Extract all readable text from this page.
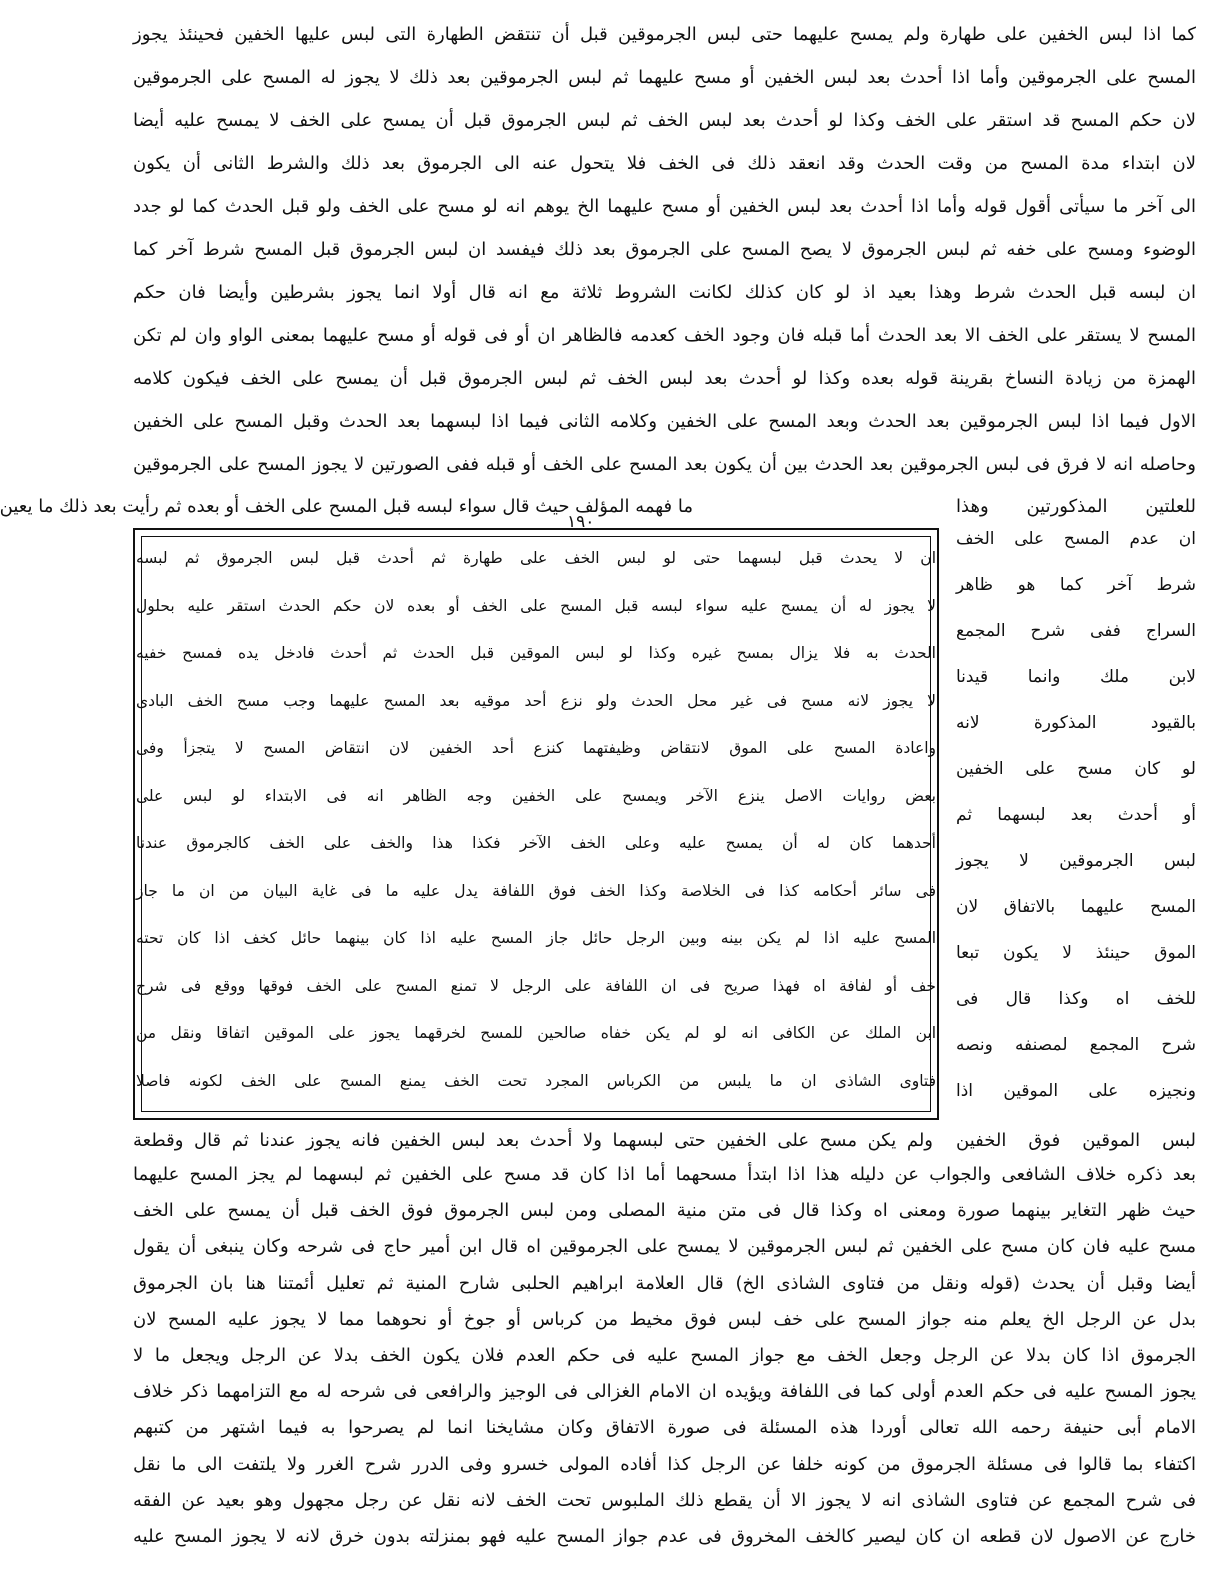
كما اذا لبس الخفين على طهارة ولم يمسح عليهما حتى لبس الجرموقين قبل أن تنتقض الطهارة التى لبس عليها الخفين فحينئذ يجوز
المسح على الجرموقين وأما اذا أحدث بعد لبس الخفين أو مسح عليهما ثم لبس الجرموقين بعد ذلك لا يجوز له المسح على الجرموقين
لان حكم المسح قد استقر على الخف وكذا لو أحدث بعد لبس الخف ثم لبس الجرموق قبل أن يمسح على الخف لا يمسح عليه أيضا
لان ابتداء مدة المسح من وقت الحدث وقد انعقد ذلك فى الخف فلا يتحول عنه الى الجرموق بعد ذلك والشرط الثانى أن يكون
الى آخر ما سيأتى أقول قوله وأما اذا أحدث بعد لبس الخفين أو مسح عليهما الخ يوهم انه لو مسح على الخف ولو قبل الحدث كما لو جدد
الوضوء ومسح على خفه ثم لبس الجرموق لا يصح المسح على الجرموق بعد ذلك فيفسد ان لبس الجرموق قبل المسح شرط آخر كما
ان لبسه قبل الحدث شرط وهذا بعيد اذ لو كان كذلك لكانت الشروط ثلاثة مع انه قال أولا انما يجوز بشرطين وأيضا فان حكم
المسح لا يستقر على الخف الا بعد الحدث أما قبله فان وجود الخف كعدمه فالظاهر ان أو فى قوله أو مسح عليهما بمعنى الواو وان لم تكن
الهمزة من زيادة النساخ بقرينة قوله بعده وكذا لو أحدث بعد لبس الخف ثم لبس الجرموق قبل أن يمسح على الخف فيكون كلامه
الاول فيما اذا لبس الجرموقين بعد الحدث وبعد المسح على الخفين وكلامه الثانى فيما اذا لبسهما بعد الحدث وقبل المسح على الخفين
وحاصله انه لا فرق فى لبس الجرموقين بعد الحدث بين أن يكون بعد المسح على الخف أو قبله ففى الصورتين لا يجوز المسح على الجرموقين
للعلتين المذكورتين وهذا
ما فهمه المؤلف حيث قال سواء لبسه قبل المسح على الخف أو بعده ثم رأيت بعد ذلك ما يعين
١٩٠
ان عدم المسح على الخف
شرط آخر كما هو ظاهر
السراج ففى شرح المجمع
لابن ملك وانما قيدنا
بالقيود المذكورة لانه
لو كان مسح على الخفين
أو أحدث بعد لبسهما ثم
لبس الجرموقين لا يجوز
المسح عليهما بالاتفاق لان
الموق حينئذ لا يكون تبعا
للخف اه وكذا قال فى
شرح المجمع لمصنفه ونصه
ونجيزه على الموقين اذا
ان لا يحدث قبل لبسهما حتى لو لبس الخف على طهارة ثم أحدث قبل لبس الجرموق ثم لبسه
لا يجوز له أن يمسح عليه سواء لبسه قبل المسح على الخف أو بعده لان حكم الحدث استقر عليه بحلول
الحدث به فلا يزال بمسح غيره وكذا لو لبس الموقين قبل الحدث ثم أحدث فادخل يده فمسح خفيه
لا يجوز لانه مسح فى غير محل الحدث ولو نزع أحد موقيه بعد المسح عليهما وجب مسح الخف البادى
واعادة المسح على الموق لانتقاض وظيفتهما كنزع أحد الخفين لان انتقاض المسح لا يتجزأ وفى
بعض روايات الاصل ينزع الآخر ويمسح على الخفين وجه الظاهر انه فى الابتداء لو لبس على
أحدهما كان له أن يمسح عليه وعلى الخف الآخر فكذا هذا والخف على الخف كالجرموق عندنا
فى سائر أحكامه كذا فى الخلاصة وكذا الخف فوق اللفافة يدل عليه ما فى غاية البيان من ان ما جاز
المسح عليه اذا لم يكن بينه وبين الرجل حائل جاز المسح عليه اذا كان بينهما حائل كخف اذا كان تحته
خف أو لفافة اه فهذا صريح فى ان اللفافة على الرجل لا تمنع المسح على الخف فوقها ووقع فى شرح
ابن الملك عن الكافى انه لو لم يكن خفاه صالحين للمسح لخرقهما يجوز على الموقين اتفاقا ونقل من
فتاوى الشاذى ان ما يلبس من الكرباس المجرد تحت الخف يمنع المسح على الخف لكونه فاصلا
لبس الموقين فوق الخفين
ولم يكن مسح على الخفين حتى لبسهما ولا أحدث بعد لبس الخفين فانه يجوز عندنا ثم قال وقطعة
بعد ذكره خلاف الشافعى والجواب عن دليله هذا اذا ابتدأ مسحهما أما اذا كان قد مسح على الخفين ثم لبسهما لم يجز المسح عليهما
حيث ظهر التغاير بينهما صورة ومعنى اه وكذا قال فى متن منية المصلى ومن لبس الجرموق فوق الخف قبل أن يمسح على الخف
مسح عليه فان كان مسح على الخفين ثم لبس الجرموقين لا يمسح على الجرموقين اه قال ابن أمير حاج فى شرحه وكان ينبغى أن يقول
أيضا وقبل أن يحدث (قوله ونقل من فتاوى الشاذى الخ) قال العلامة ابراهيم الحلبى شارح المنية ثم تعليل أئمتنا هنا بان الجرموق
بدل عن الرجل الخ يعلم منه جواز المسح على خف لبس فوق مخيط من كرباس أو جوخ أو نحوهما مما لا يجوز عليه المسح لان
الجرموق اذا كان بدلا عن الرجل وجعل الخف مع جواز المسح عليه فى حكم العدم فلان يكون الخف بدلا عن الرجل ويجعل ما لا
يجوز المسح عليه فى حكم العدم أولى كما فى اللفافة ويؤيده ان الامام الغزالى فى الوجيز والرافعى فى شرحه له مع التزامهما ذكر خلاف
الامام أبى حنيفة رحمه الله تعالى أوردا هذه المسئلة فى صورة الاتفاق وكان مشايخنا انما لم يصرحوا به فيما اشتهر من كتبهم
اكتفاء بما قالوا فى مسئلة الجرموق من كونه خلفا عن الرجل كذا أفاده المولى خسرو وفى الدرر شرح الغرر ولا يلتفت الى ما نقل
فى شرح المجمع عن فتاوى الشاذى انه لا يجوز الا أن يقطع ذلك الملبوس تحت الخف لانه نقل عن رجل مجهول وهو بعيد عن الفقه
خارج عن الاصول لان قطعه ان كان ليصير كالخف المخروق فى عدم جواز المسح عليه فهو بمنزلته بدون خرق لانه لا يجوز المسح عليه
